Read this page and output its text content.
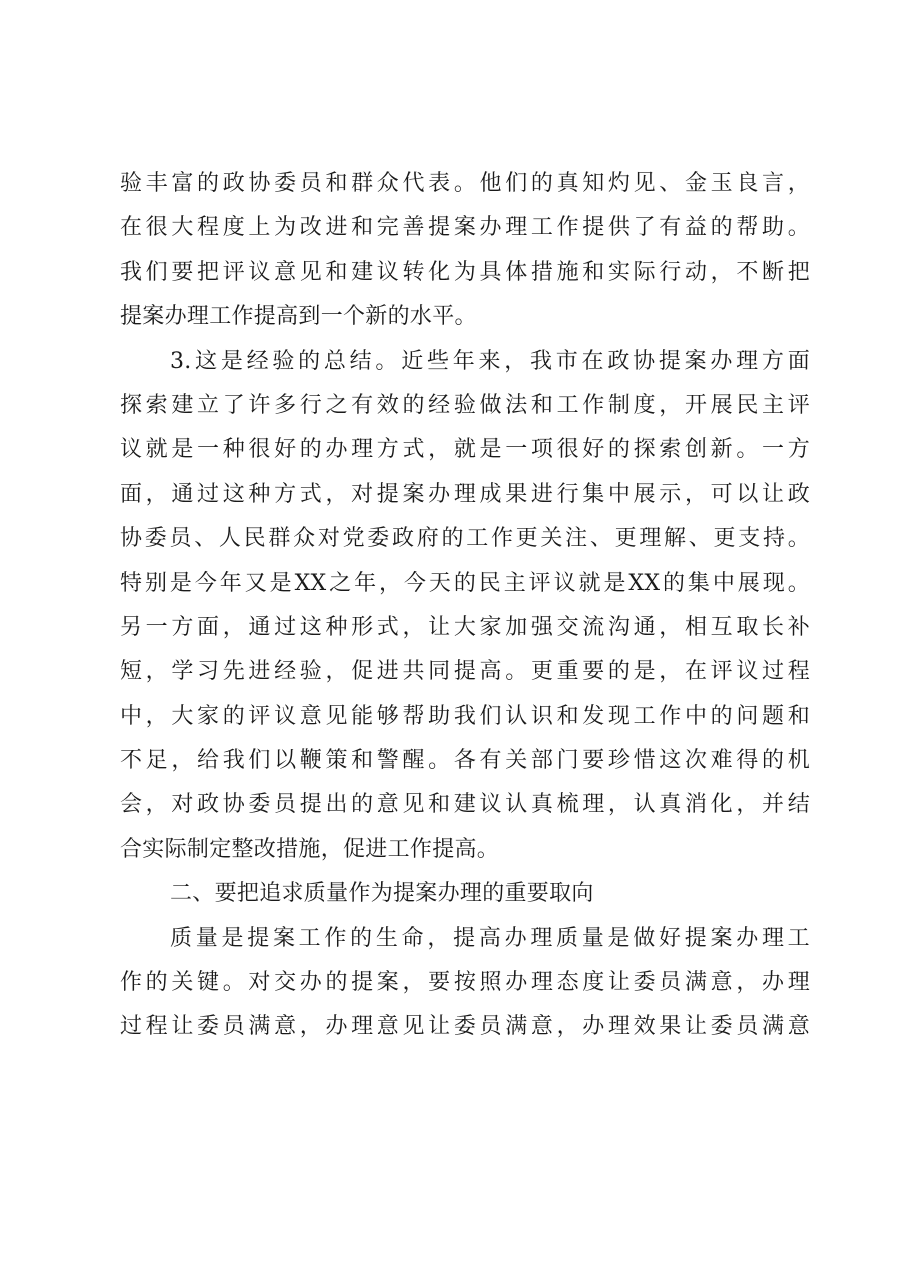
验丰富的政协委员和群众代表。他们的真知灼见、金玉良言，
在很大程度上为改进和完善提案办理工作提供了有益的帮助。
我们要把评议意见和建议转化为具体措施和实际行动，不断把
提案办理工作提高到一个新的水平。
3.这是经验的总结。近些年来，我市在政协提案办理方面
探索建立了许多行之有效的经验做法和工作制度，开展民主评
议就是一种很好的办理方式，就是一项很好的探索创新。一方
面，通过这种方式，对提案办理成果进行集中展示，可以让政
协委员、人民群众对党委政府的工作更关注、更理解、更支持。
特别是今年又是XX之年，今天的民主评议就是XX的集中展现。
另一方面，通过这种形式，让大家加强交流沟通，相互取长补
短，学习先进经验，促进共同提高。更重要的是，在评议过程
中，大家的评议意见能够帮助我们认识和发现工作中的问题和
不足，给我们以鞭策和警醒。各有关部门要珍惜这次难得的机
会，对政协委员提出的意见和建议认真梳理，认真消化，并结
合实际制定整改措施，促进工作提高。
二、要把追求质量作为提案办理的重要取向
质量是提案工作的生命，提高办理质量是做好提案办理工
作的关键。对交办的提案，要按照办理态度让委员满意，办理
过程让委员满意，办理意见让委员满意，办理效果让委员满意
